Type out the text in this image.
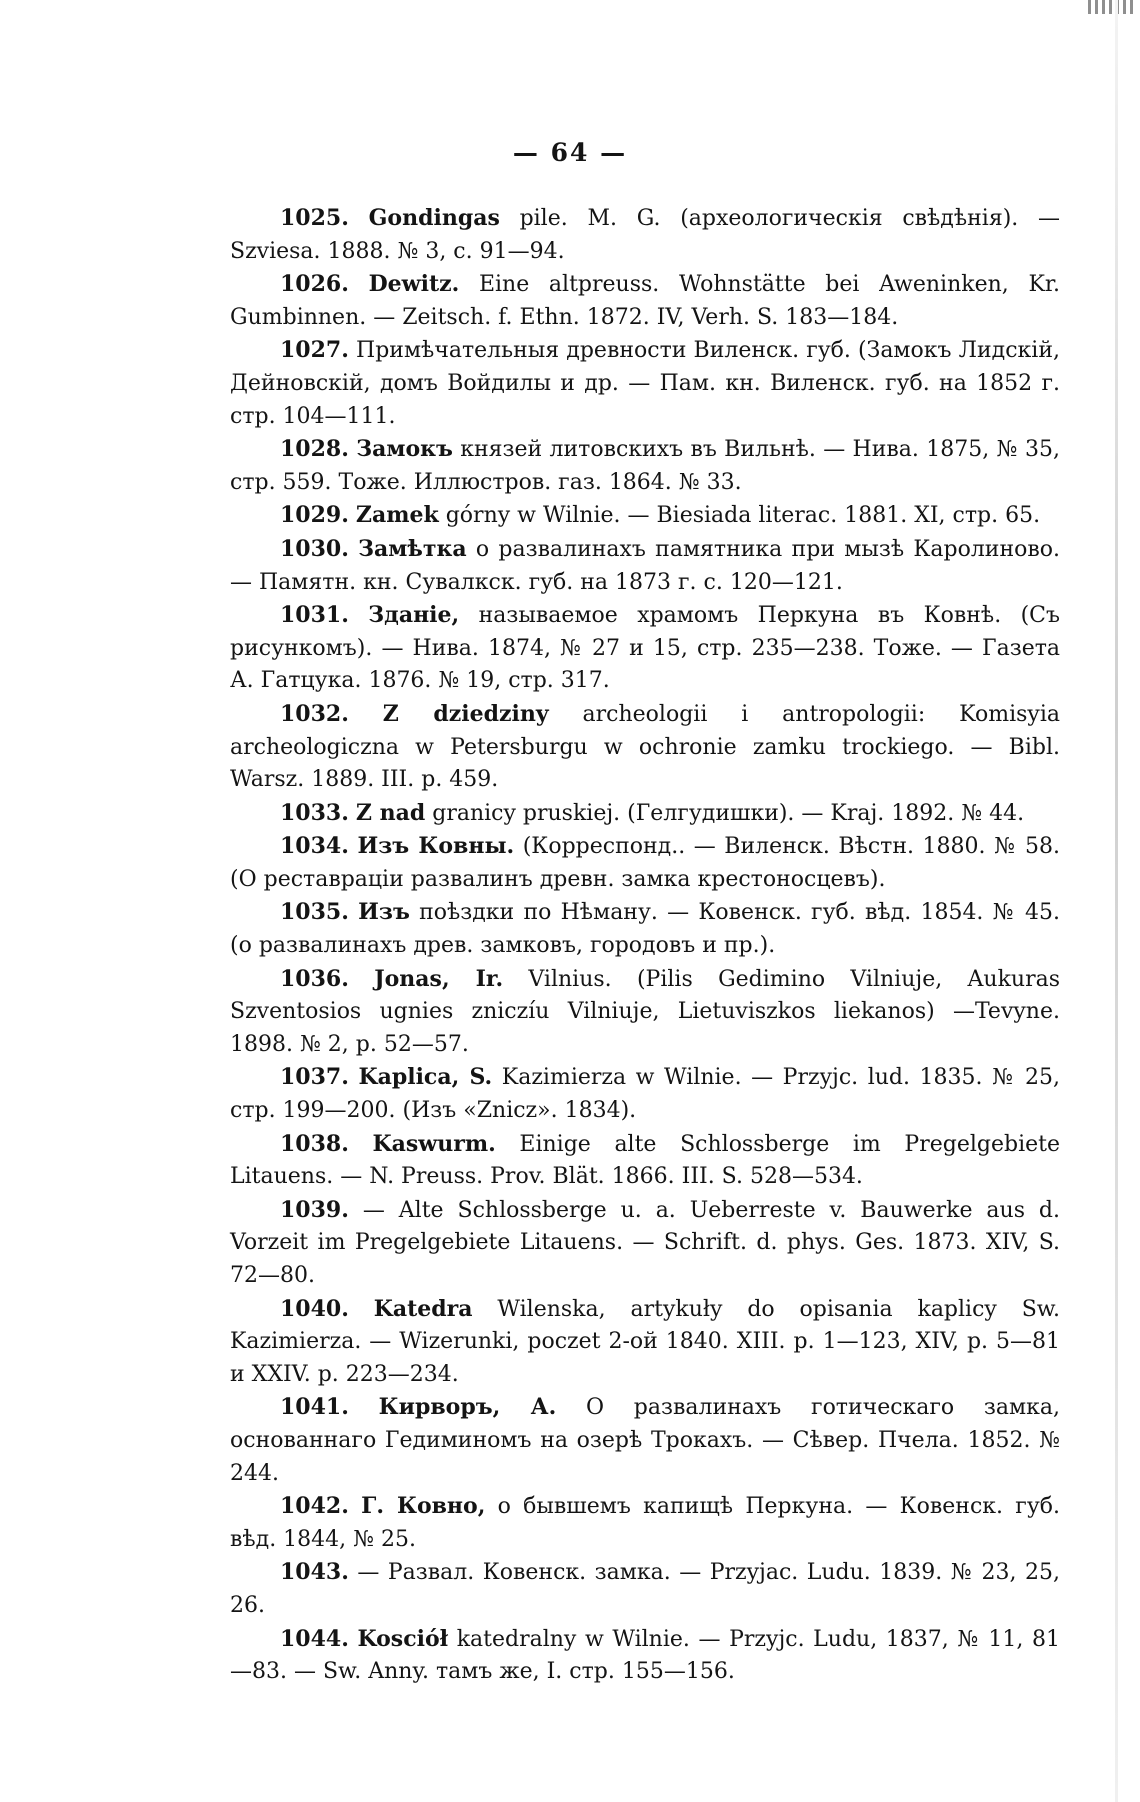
— 64 —

1025. Gondingas pile. M. G. (археологическія свѣдѣнія). — Szviesa. 1888. № 3, с. 91—94.

1026. Dewitz. Eine altpreuss. Wohnstätte bei Aweninken, Kr. Gumbinnen. — Zeitsch. f. Ethn. 1872. IV, Verh. S. 183—184.

1027. Примѣчательныя древности Виленск. губ. (Замокъ Лидскій, Дейновскій, домъ Войдилы и др. — Пам. кн. Виленск. губ. на 1852 г. стр. 104—111.

1028. Замокъ князей литовскихъ въ Вильнѣ. — Нива. 1875, № 35, стр. 559. Тоже. Иллюстров. газ. 1864. № 33.

1029. Zamek górny w Wilnie. — Biesiada literac. 1881. XI, стр. 65.

1030. Замѣтка о развалинахъ памятника при мызѣ Каролиново. — Памятн. кн. Сувалкск. губ. на 1873 г. с. 120—121.

1031. Зданіе, называемое храмомъ Перкуна въ Ковнѣ. (Съ рисункомъ). — Нива. 1874, № 27 и 15, стр. 235—238. Тоже. — Газета А. Гатцука. 1876. № 19, стр. 317.

1032. Z dziedziny archeologii i antropologii: Komisyia archeologiczna w Petersburgu w ochronie zamku trockiego. — Bibl. Warsz. 1889. III. p. 459.

1033. Z nad granicy pruskiej. (Гелгудишки). — Kraj. 1892. № 44.

1034. Изъ Ковны. (Корреспонд.. — Виленск. Вѣстн. 1880. № 58. (О реставраціи развалинъ древн. замка крестоносцевъ).

1035. Изъ поѣздки по Нѣману. — Ковенск. губ. вѣд. 1854. № 45. (о развалинахъ древ. замковъ, городовъ и пр.).

1036. Jonas, Ir. Vilnius. (Pilis Gedimino Vilniuje, Aukuras Szventosios ugnies zniczíu Vilniuje, Lietuviszkos liekanos) —Tevyne. 1898. № 2, p. 52—57.

1037. Kaplica, S. Kazimierza w Wilnie. — Przyjc. lud. 1835. № 25, стр. 199—200. (Изъ «Znicz». 1834).

1038. Kaswurm. Einige alte Schlossberge im Pregelgebiete Litauens. — N. Preuss. Prov. Blät. 1866. III. S. 528—534.

1039. — Alte Schlossberge u. a. Ueberreste v. Bauwerke aus d. Vorzeit im Pregelgebiete Litauens. — Schrift. d. phys. Ges. 1873. XIV, S. 72—80.

1040. Katedra Wilenska, artykuły do opisania kaplicy Sw. Kazimierza. — Wizerunki, poczet 2-ой 1840. XIII. p. 1—123, XIV, p. 5—81 и XXIV. p. 223—234.

1041. Кирворъ, А. О развалинахъ готическаго замка, основаннаго Гедиминомъ на озерѣ Трокахъ. — Сѣвер. Пчела. 1852. № 244.

1042. Г. Ковно, о бывшемъ капищѣ Перкуна. — Ковенск. губ. вѣд. 1844, № 25.

1043. — Развал. Ковенск. замка. — Przyjac. Ludu. 1839. № 23, 25, 26.

1044. Kosciół katedralny w Wilnie. — Przyjc. Ludu, 1837, № 11, 81—83. — Sw. Anny. тамъ же, I. стр. 155—156.
